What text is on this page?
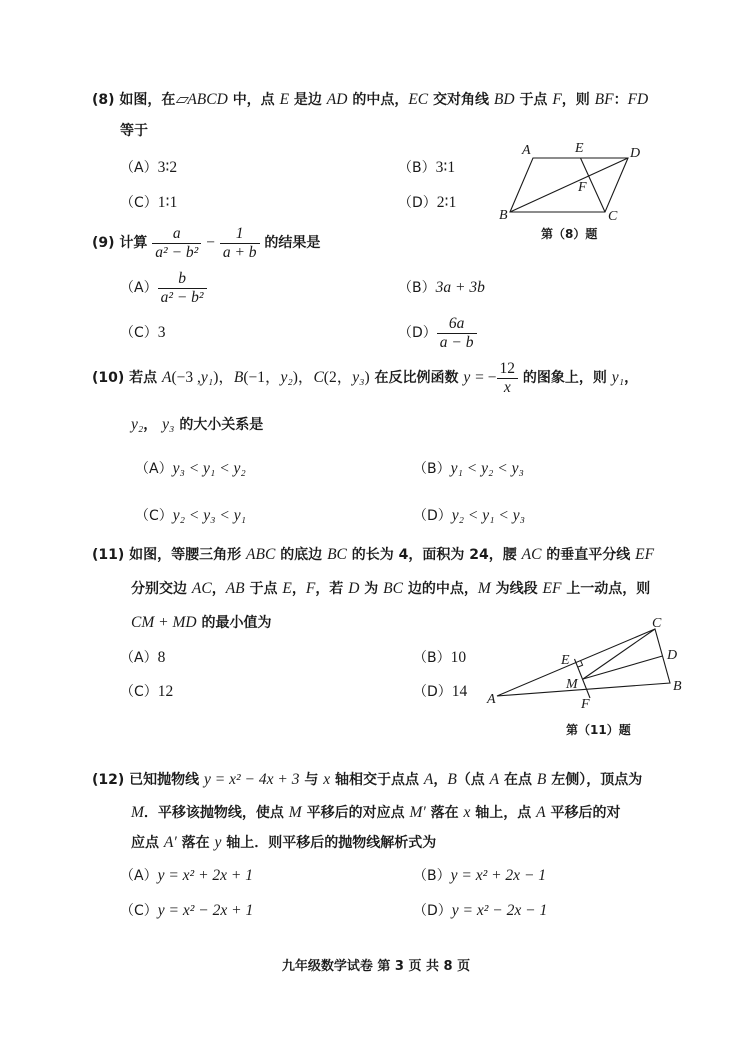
(8) 如图，在▱ABCD 中，点 E 是边 AD 的中点，EC 交对角线 BD 于点 F，则 BF：FD
等于
（A）3∶2	（B）3∶1
（C）1∶1	（D）2∶1
A	E	D
F
B	C
第（8）题
(9) 计算 $\frac{a}{\text{a² − b²}} - \frac{1}{a + b}$ 的结果是
$(A) \frac{b}{\text{a² − b²}}$	（B）3a + 3b
（C）3	$(D) \frac{6a}{a - b}$
(10) 若点 A(−3 ,y₁)，B(−1，y₂)，C(2，y₃) 在反比例函数 y = − $\frac{12}{x}$ 的图象上，则 y₁，
y₂， y₃ 的大小关系是
（A）y₃ < y₁ < y₂	（B）y₁ < y₂ < y₃
（C）y₂ < y₃ < y₁	（D）y₂ < y₁ < y₃
(11) 如图，等腰三角形 ABC 的底边 BC 的长为 4，面积为 24，腰 AC 的垂直平分线 EF
分别交边 AC，AB 于点 E，F，若 D 为 BC 边的中点，M 为线段 EF 上一动点，则
CM + MD 的最小值为
（A）8	（B）10
（C）12	（D）14
C
D
B
E
M
F
A
第（11）题
(12) 已知抛物线 y = x² − 4x + 3 与 x 轴相交于点点 A，B（点 A 在点 B 左侧），顶点为
M．平移该抛物线，使点 M 平移后的对应点 M′ 落在 x 轴上，点 A 平移后的对
应点 A′ 落在 y 轴上．则平移后的抛物线解析式为
（A）y = x² + 2x + 1	（B）y = x² + 2x − 1
（C）y = x² − 2x + 1	（D）y = x² − 2x − 1
九年级数学试卷 第 3 页 共 8 页
